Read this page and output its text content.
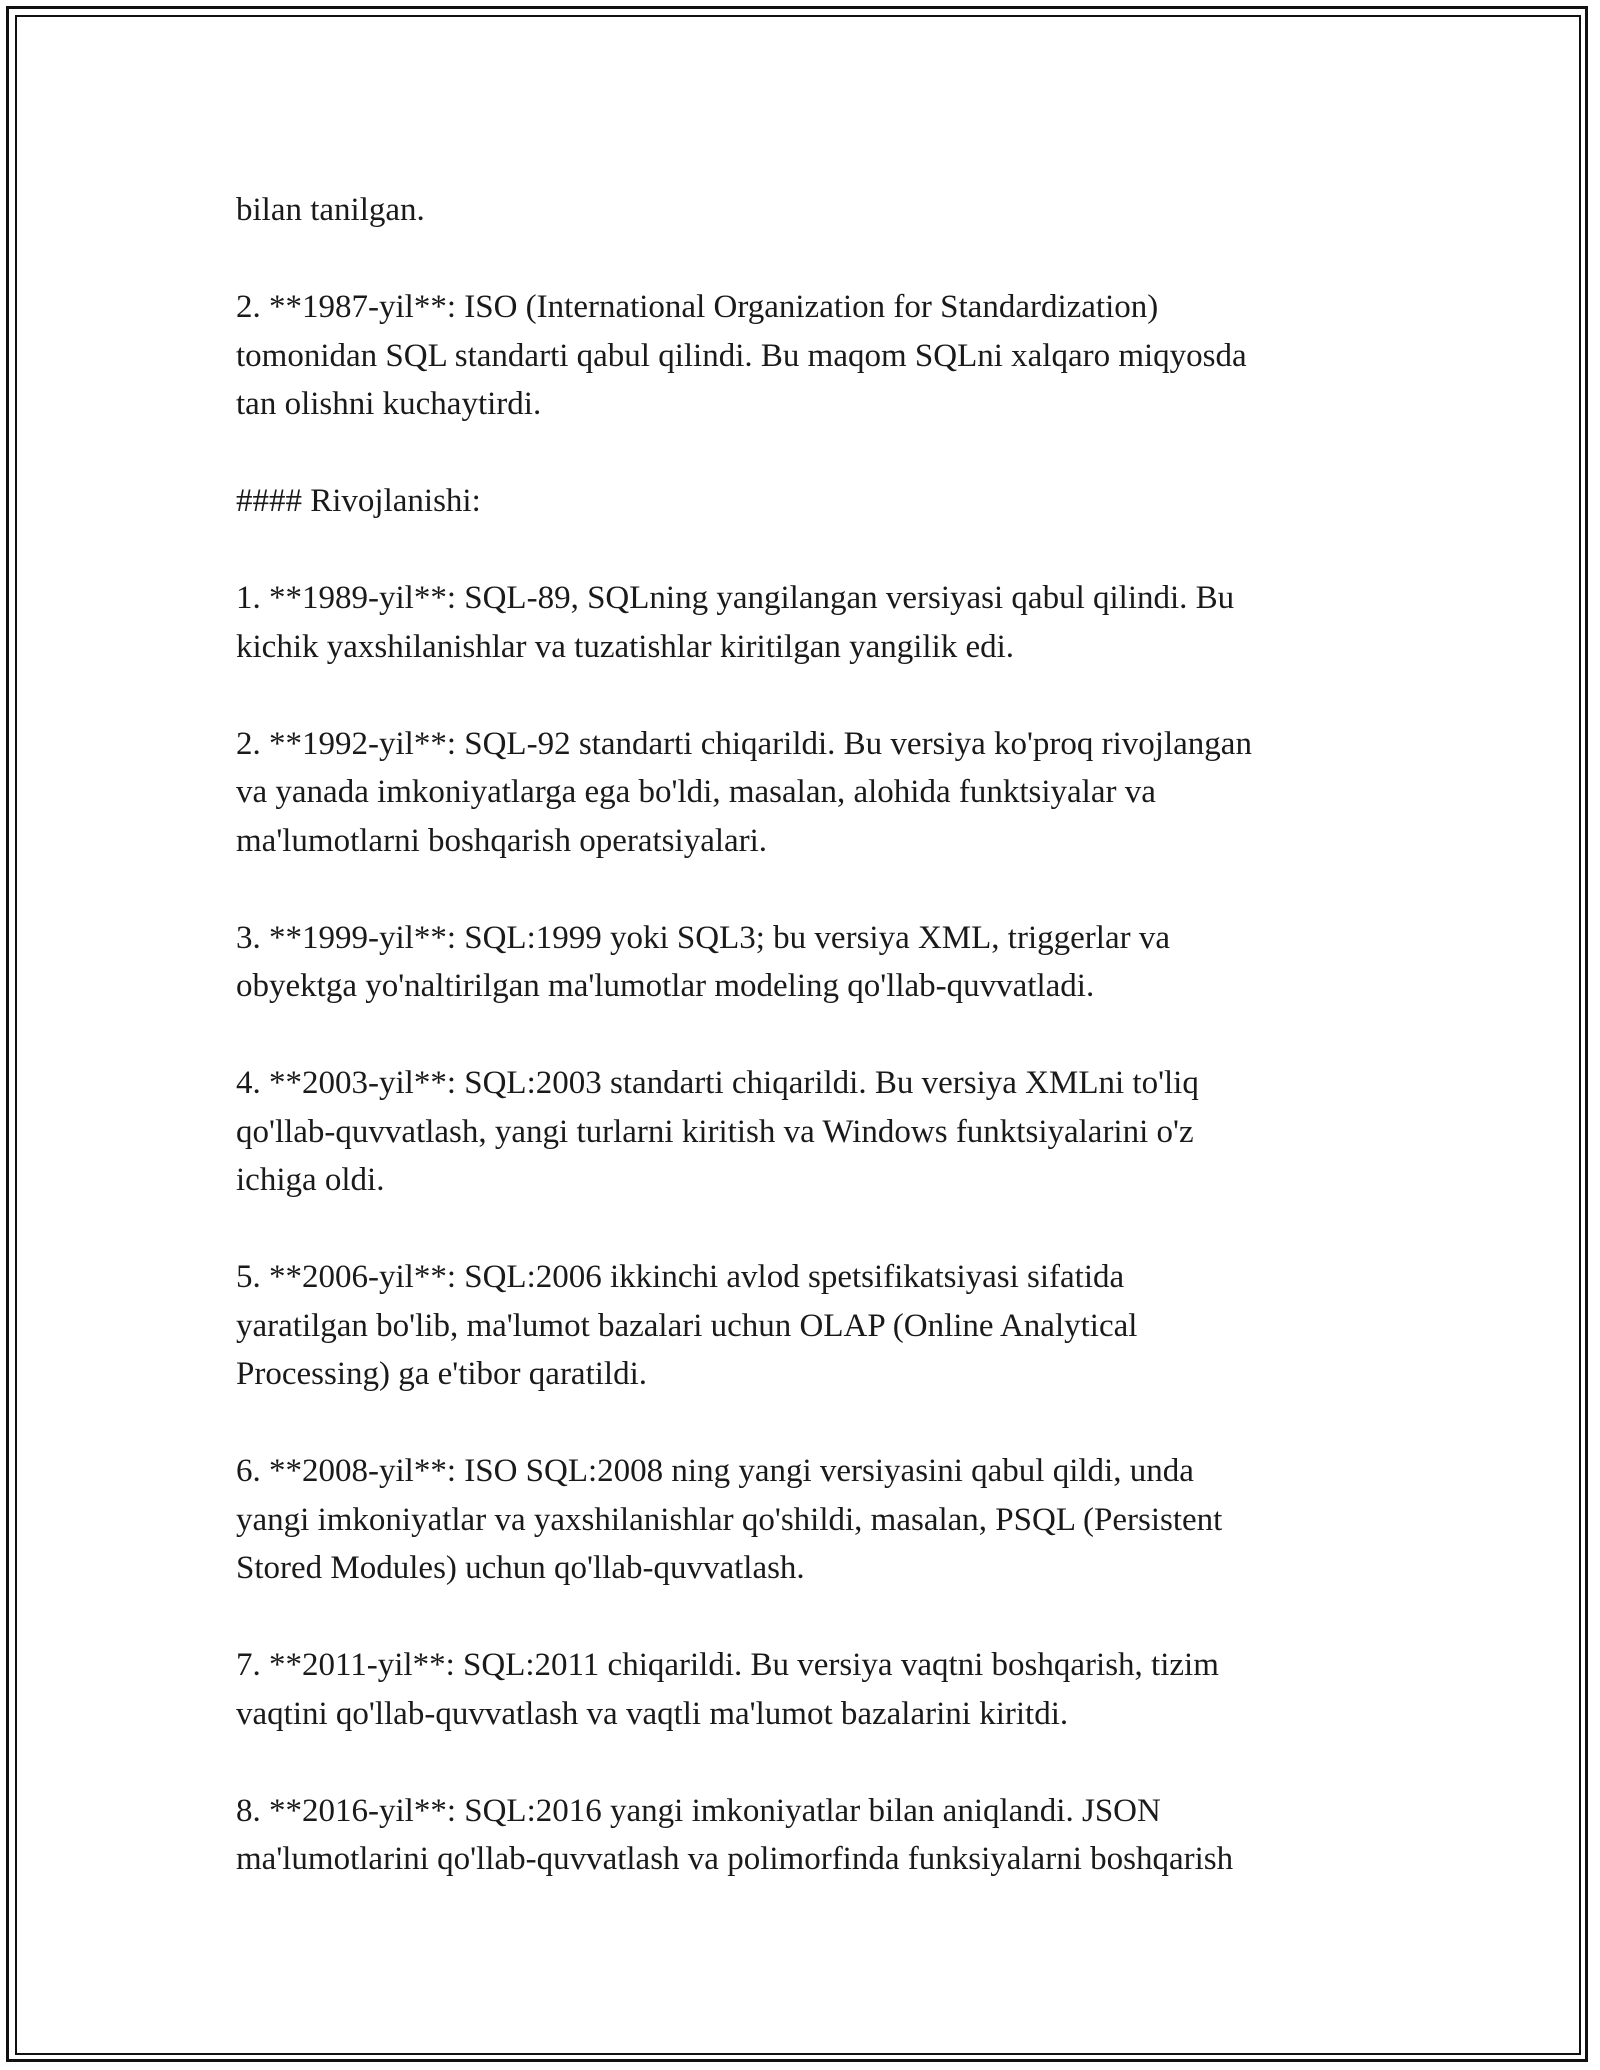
bilan tanilgan.

2. **1987-yil**: ISO (International Organization for Standardization)
tomonidan SQL standarti qabul qilindi. Bu maqom SQLni xalqaro miqyosda
tan olishni kuchaytirdi.

#### Rivojlanishi:

1. **1989-yil**: SQL-89, SQLning yangilangan versiyasi qabul qilindi. Bu
kichik yaxshilanishlar va tuzatishlar kiritilgan yangilik edi.

2. **1992-yil**: SQL-92 standarti chiqarildi. Bu versiya ko'proq rivojlangan
va yanada imkoniyatlarga ega bo'ldi, masalan, alohida funktsiyalar va
ma'lumotlarni boshqarish operatsiyalari.

3. **1999-yil**: SQL:1999 yoki SQL3; bu versiya XML, triggerlar va
obyektga yo'naltirilgan ma'lumotlar modeling qo'llab-quvvatladi.

4. **2003-yil**: SQL:2003 standarti chiqarildi. Bu versiya XMLni to'liq
qo'llab-quvvatlash, yangi turlarni kiritish va Windows funktsiyalarini o'z
ichiga oldi.

5. **2006-yil**: SQL:2006 ikkinchi avlod spetsifikatsiyasi sifatida
yaratilgan bo'lib, ma'lumot bazalari uchun OLAP (Online Analytical
Processing) ga e'tibor qaratildi.

6. **2008-yil**: ISO SQL:2008 ning yangi versiyasini qabul qildi, unda
yangi imkoniyatlar va yaxshilanishlar qo'shildi, masalan, PSQL (Persistent
Stored Modules) uchun qo'llab-quvvatlash.

7. **2011-yil**: SQL:2011 chiqarildi. Bu versiya vaqtni boshqarish, tizim
vaqtini qo'llab-quvvatlash va vaqtli ma'lumot bazalarini kiritdi.

8. **2016-yil**: SQL:2016 yangi imkoniyatlar bilan aniqlandi. JSON
ma'lumotlarini qo'llab-quvvatlash va polimorfinda funksiyalarni boshqarish
